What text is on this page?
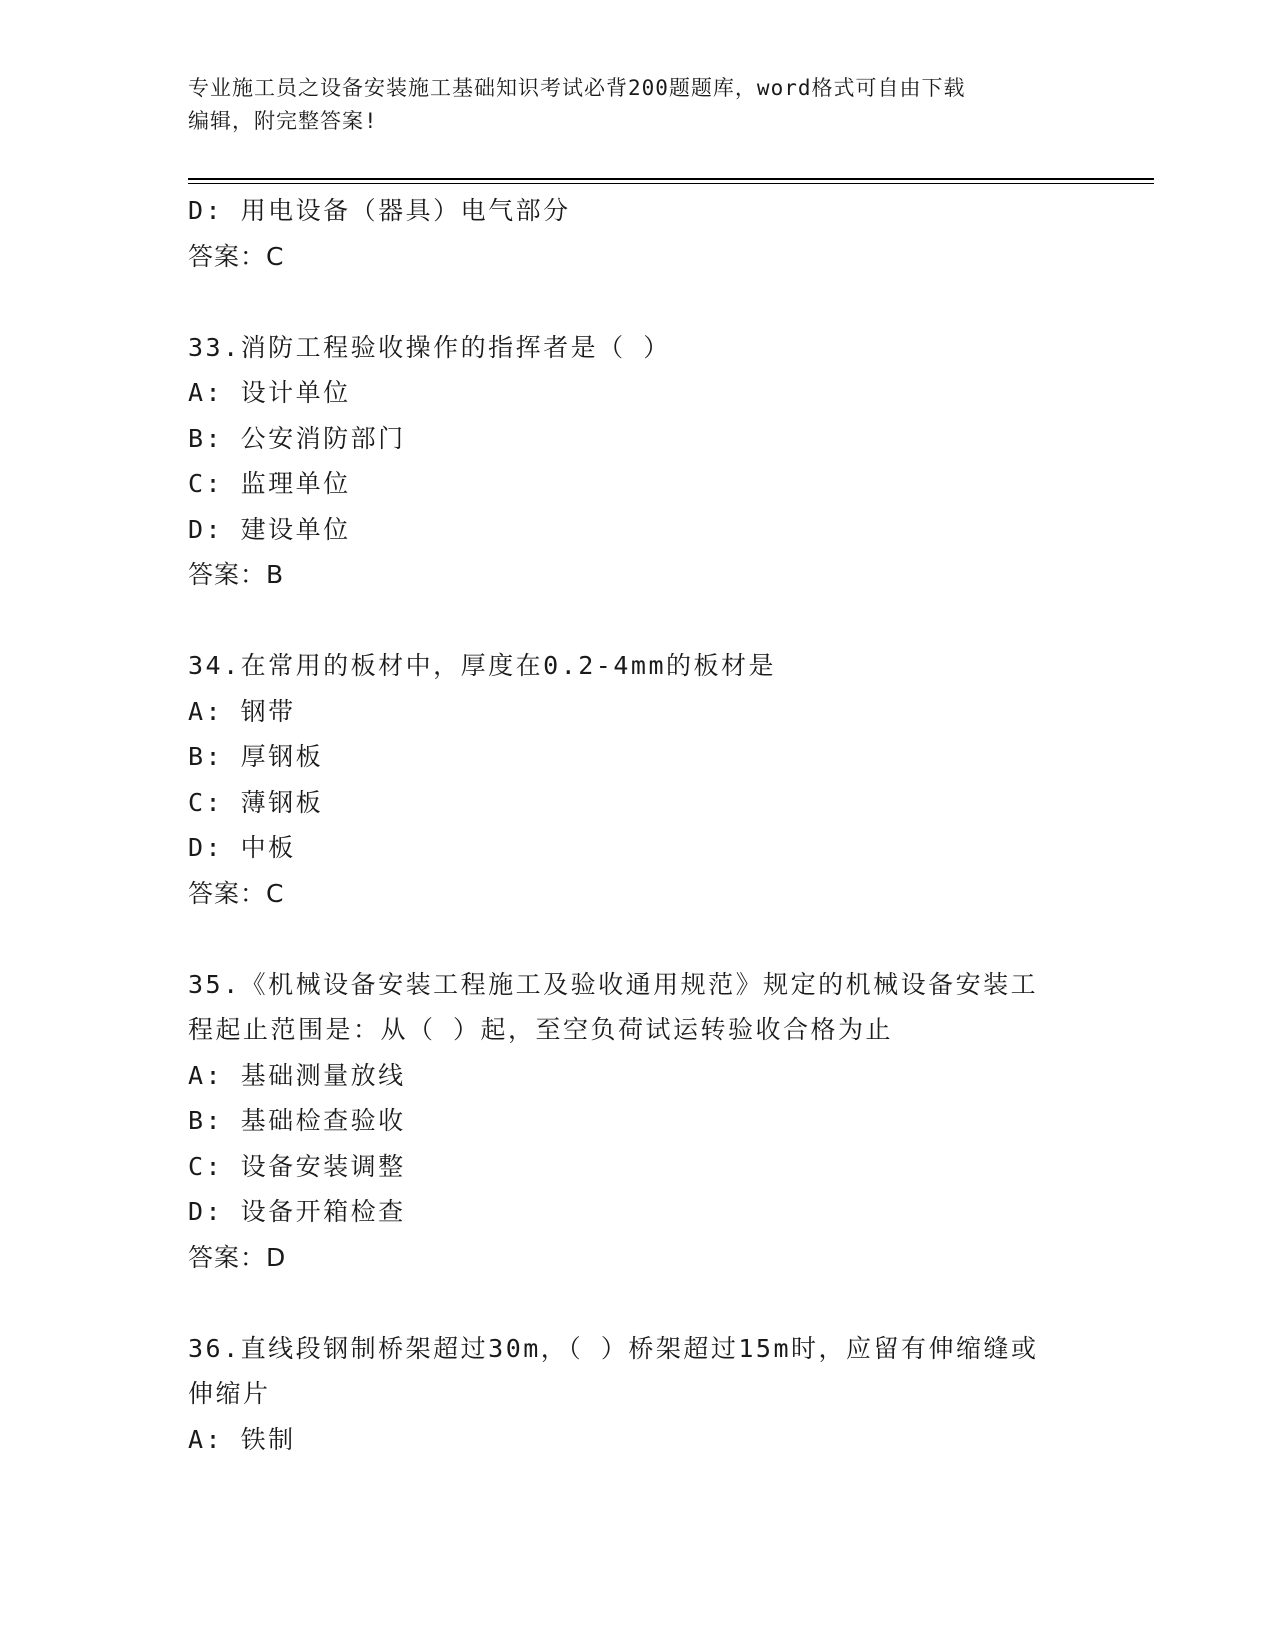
专业施工员之设备安装施工基础知识考试必背200题题库，word格式可自由下载
编辑，附完整答案!
D: 用电设备（器具）电气部分
答案：C
33.消防工程验收操作的指挥者是（ ）
A: 设计单位
B: 公安消防部门
C: 监理单位
D: 建设单位
答案：B
34.在常用的板材中，厚度在0.2-4mm的板材是
A: 钢带
B: 厚钢板
C: 薄钢板
D: 中板
答案：C
35.《机械设备安装工程施工及验收通用规范》规定的机械设备安装工
程起止范围是：从（ ）起，至空负荷试运转验收合格为止
A: 基础测量放线
B: 基础检查验收
C: 设备安装调整
D: 设备开箱检查
答案：D
36.直线段钢制桥架超过30m，（ ）桥架超过15m时，应留有伸缩缝或
伸缩片
A: 铁制
